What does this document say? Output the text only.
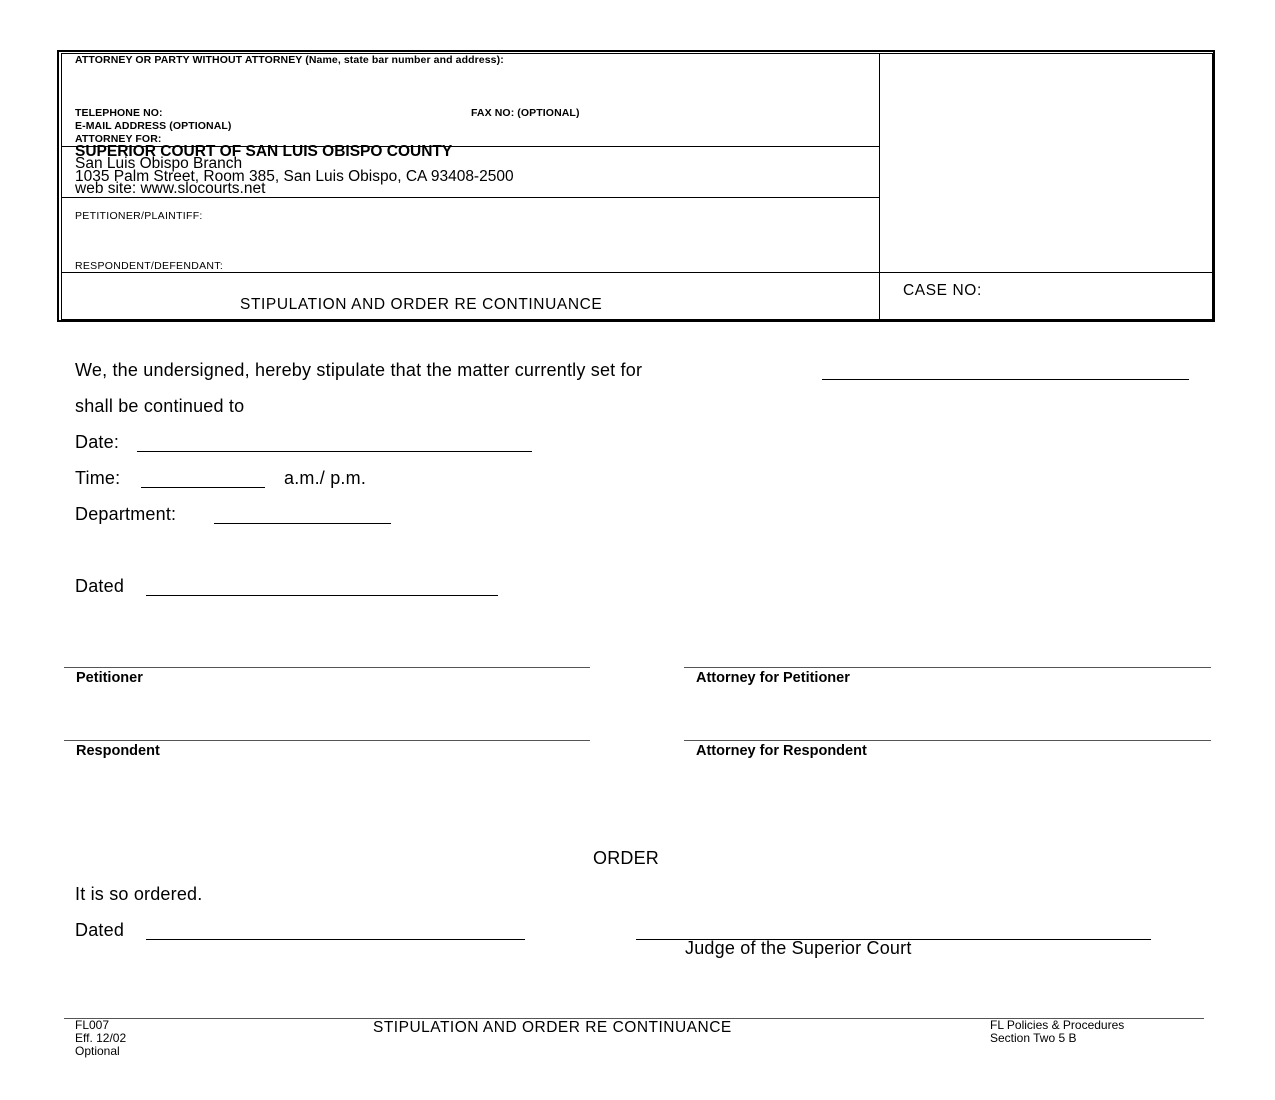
ATTORNEY OR PARTY WITHOUT ATTORNEY (Name, state bar number and address):
TELEPHONE NO:	FAX NO: (OPTIONAL)
E-MAIL ADDRESS (OPTIONAL)
ATTORNEY FOR:
SUPERIOR COURT OF SAN LUIS OBISPO COUNTY
San Luis Obispo Branch
1035 Palm Street, Room 385, San Luis Obispo, CA 93408-2500
web site: www.slocourts.net
PETITIONER/PLAINTIFF:
RESPONDENT/DEFENDANT:
STIPULATION AND ORDER RE CONTINUANCE
CASE NO:
We, the undersigned, hereby stipulate that the matter currently set for
shall be continued to
Date:
Time:	a.m./ p.m.
Department:
Dated
Petitioner	Attorney for Petitioner
Respondent	Attorney for Respondent
ORDER
It is so ordered.
Dated
Judge of the Superior Court
FL007
Eff. 12/02
Optional
STIPULATION AND ORDER RE CONTINUANCE	FL Policies & Procedures
Section Two 5 B
